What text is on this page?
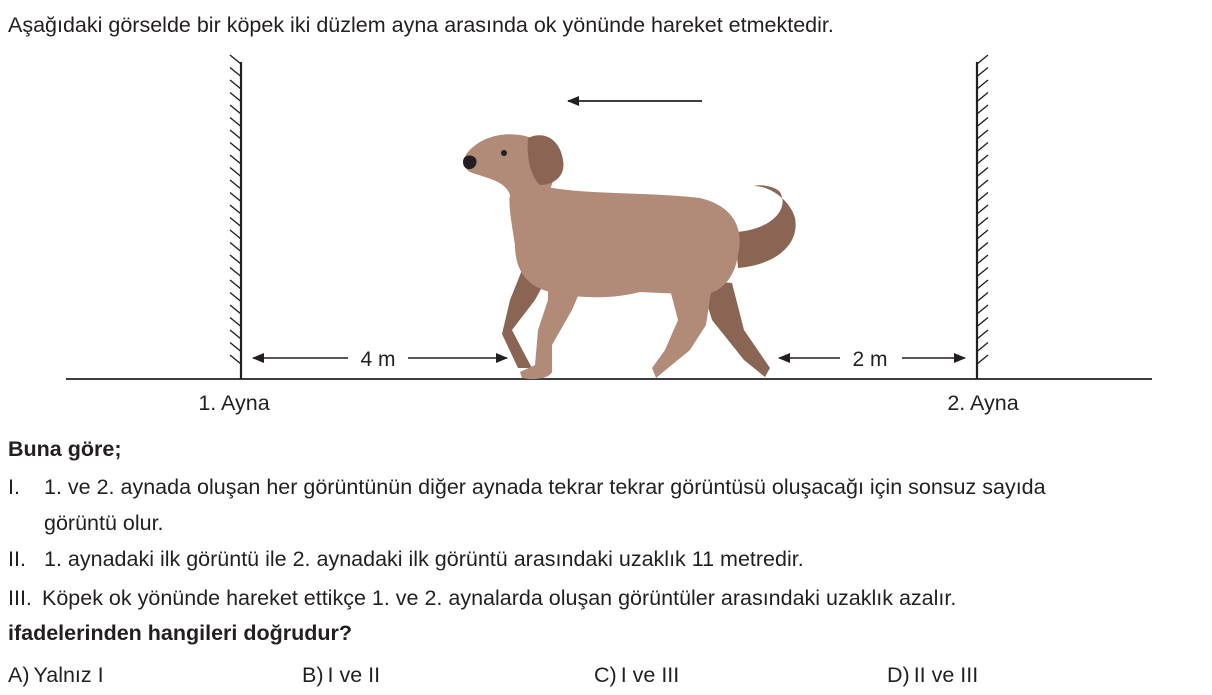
Aşağıdaki görselde bir köpek iki düzlem ayna arasında ok yönünde hareket etmektedir.
4 m	2 m
1. Ayna	2. Ayna
Buna göre;
I. 1. ve 2. aynada oluşan her görüntünün diğer aynada tekrar tekrar görüntüsü oluşacağı için sonsuz sayıda
görüntü olur.
II. 1. aynadaki ilk görüntü ile 2. aynadaki ilk görüntü arasındaki uzaklık 11 metredir.
III. Köpek ok yönünde hareket ettikçe 1. ve 2. aynalarda oluşan görüntüler arasındaki uzaklık azalır.
ifadelerinden hangileri doğrudur?
A) Yalnız I	B) I ve II	C) I ve III	D) II ve III
